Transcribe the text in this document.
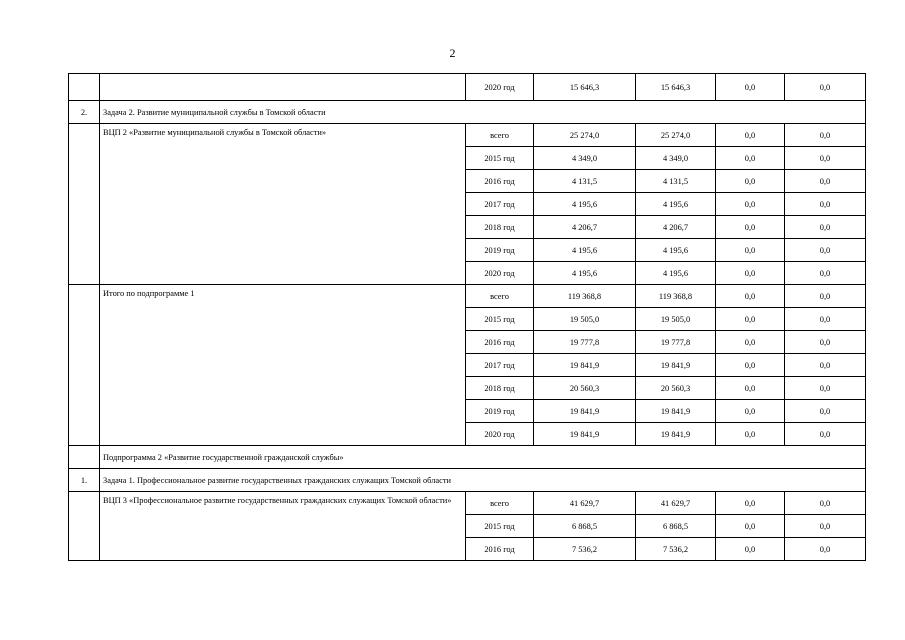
2
		2020 год	15 646,3	15 646,3	0,0	0,0
2.	Задача 2. Развитие муниципальной службы в Томской области					
	ВЦП 2 «Развитие муниципальной службы в Томской области»	всего	25 274,0	25 274,0	0,0	0,0
		2015 год	4 349,0	4 349,0	0,0	0,0
		2016 год	4 131,5	4 131,5	0,0	0,0
		2017 год	4 195,6	4 195,6	0,0	0,0
		2018 год	4 206,7	4 206,7	0,0	0,0
		2019 год	4 195,6	4 195,6	0,0	0,0
		2020 год	4 195,6	4 195,6	0,0	0,0
	Итого по подпрограмме 1	всего	119 368,8	119 368,8	0,0	0,0
		2015 год	19 505,0	19 505,0	0,0	0,0
		2016 год	19 777,8	19 777,8	0,0	0,0
		2017 год	19 841,9	19 841,9	0,0	0,0
		2018 год	20 560,3	20 560,3	0,0	0,0
		2019 год	19 841,9	19 841,9	0,0	0,0
		2020 год	19 841,9	19 841,9	0,0	0,0
	Подпрограмма 2 «Развитие государственной гражданской службы»					
1.	Задача 1. Профессиональное развитие государственных гражданских служащих Томской области					
	ВЦП 3 «Профессиональное развитие государственных гражданских служащих Томской области»	всего	41 629,7	41 629,7	0,0	0,0
		2015 год	6 868,5	6 868,5	0,0	0,0
		2016 год	7 536,2	7 536,2	0,0	0,0
